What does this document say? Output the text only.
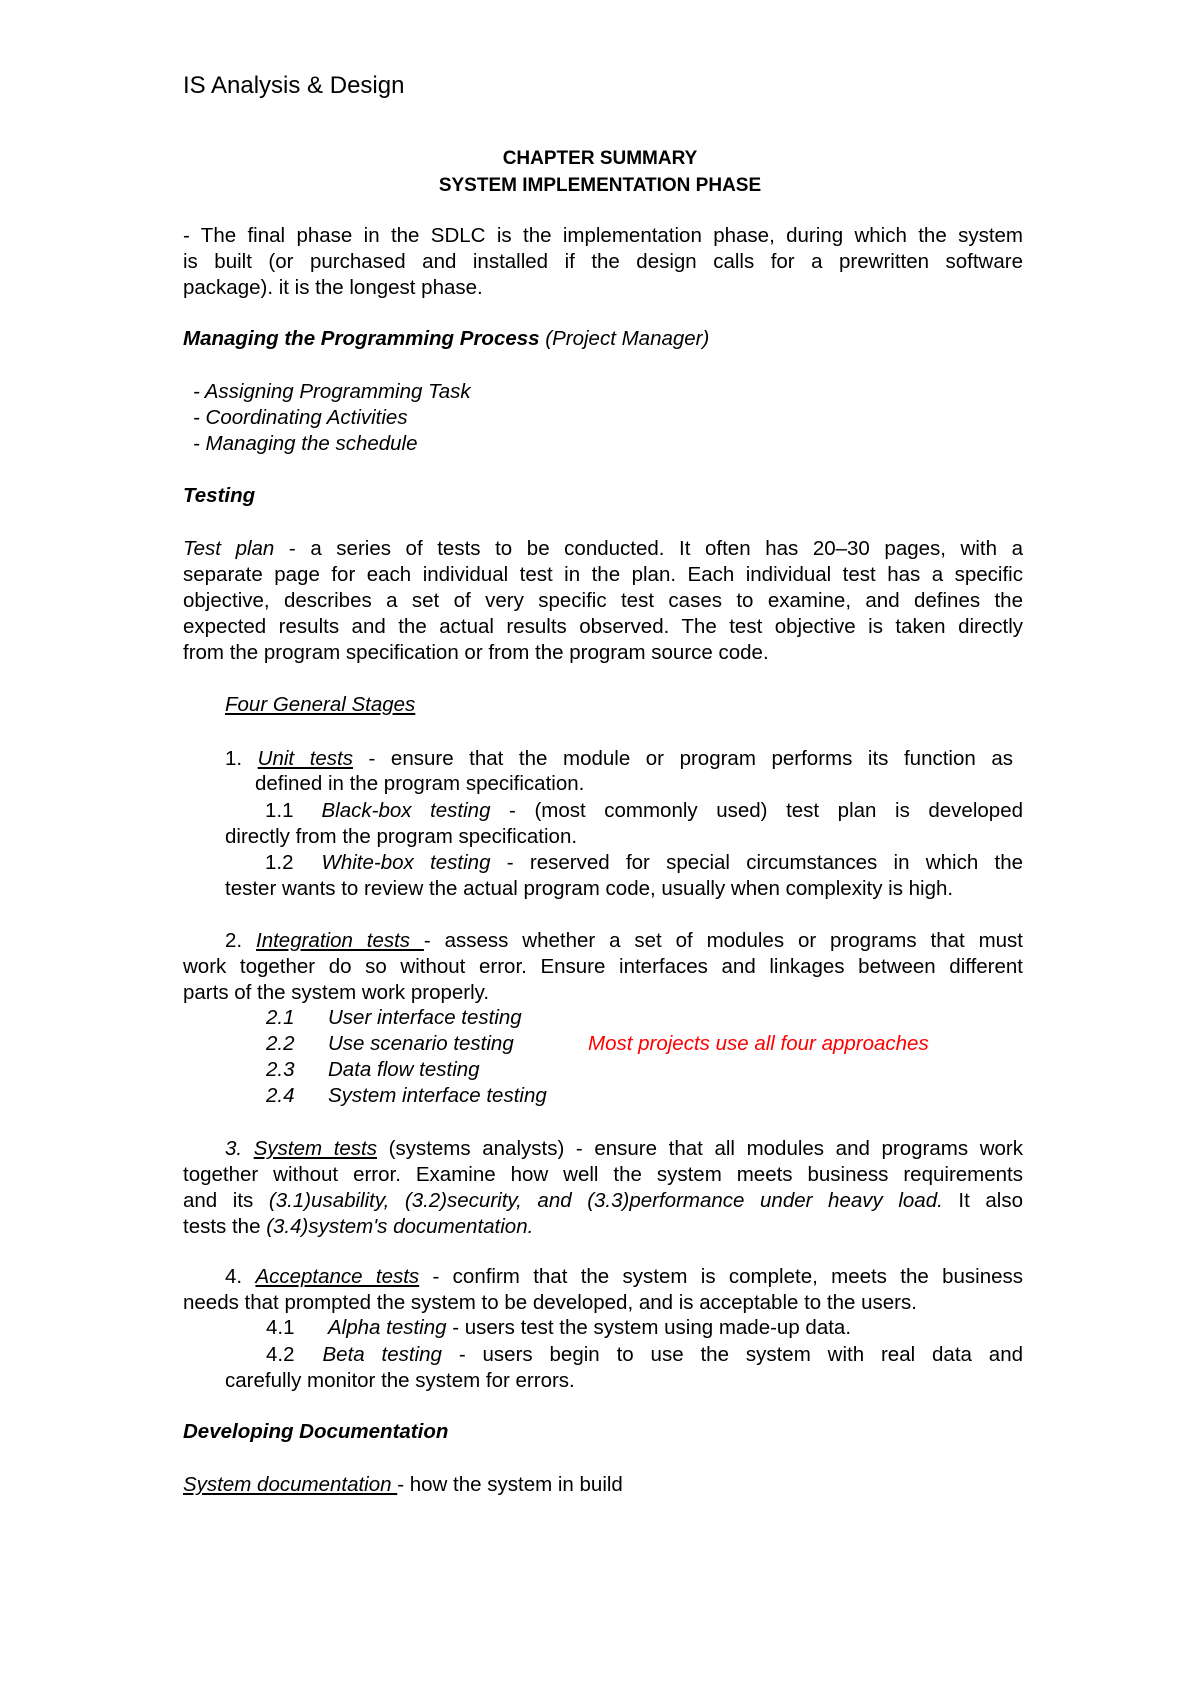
IS Analysis & Design
CHAPTER SUMMARY
SYSTEM IMPLEMENTATION PHASE
- The final phase in the SDLC is the implementation phase, during which the system
is built (or purchased and installed if the design calls for a prewritten software
package). it is the longest phase.
Managing the Programming Process (Project Manager)
- Assigning Programming Task
- Coordinating Activities
- Managing the schedule
Testing
Test plan - a series of tests to be conducted. It often has 20–30 pages, with a
separate page for each individual test in the plan. Each individual test has a specific
objective, describes a set of very specific test cases to examine, and defines the
expected results and the actual results observed. The test objective is taken directly
from the program specification or from the program source code.
Four General Stages
1. Unit tests - ensure that the module or program performs its function as
defined in the program specification.
1.1 Black-box testing - (most commonly used) test plan is developed
directly from the program specification.
1.2 White-box testing - reserved for special circumstances in which the
tester wants to review the actual program code, usually when complexity is high.
2. Integration tests - assess whether a set of modules or programs that must
work together do so without error. Ensure interfaces and linkages between different
parts of the system work properly.
2.1 User interface testing
2.2 Use scenario testing	Most projects use all four approaches
2.3 Data flow testing
2.4 System interface testing
3. System tests (systems analysts) - ensure that all modules and programs work
together without error. Examine how well the system meets business requirements
and its (3.1)usability, (3.2)security, and (3.3)performance under heavy load. It also
tests the (3.4)system's documentation.
4. Acceptance tests - confirm that the system is complete, meets the business
needs that prompted the system to be developed, and is acceptable to the users.
4.1 Alpha testing - users test the system using made-up data.
4.2 Beta testing - users begin to use the system with real data and
carefully monitor the system for errors.
Developing Documentation
System documentation - how the system in build
